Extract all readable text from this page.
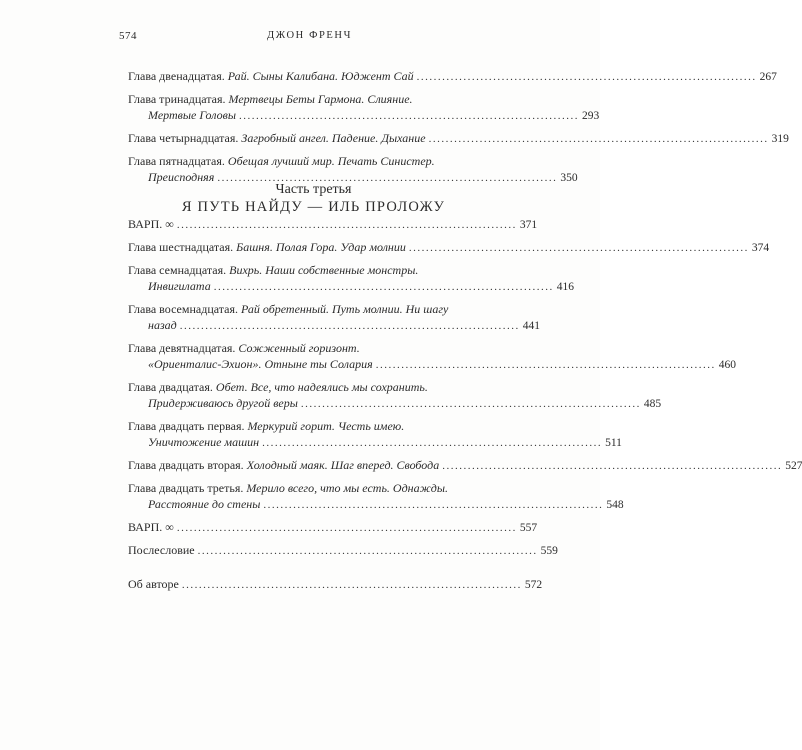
574	ДЖОН ФРЕНЧ
Глава двенадцатая. Рай. Сыны Калибана. Юджент Сай ................................................................................ 267
Глава тринадцатая. Мертвецы Беты Гармона. Слияние.
Мертвые Головы ................................................................................ 293
Глава четырнадцатая. Загробный ангел. Падение. Дыхание ................................................................................ 319
Глава пятнадцатая. Обещая лучший мир. Печать Синистер.
Преисподняя ................................................................................ 350
Часть третья
Я ПУТЬ НАЙДУ — ИЛЬ ПРОЛОЖУ
ВАРП. ∞ ................................................................................ 371
Глава шестнадцатая. Башня. Полая Гора. Удар молнии ................................................................................ 374
Глава семнадцатая. Вихрь. Наши собственные монстры.
Инвигилата ................................................................................ 416
Глава восемнадцатая. Рай обретенный. Путь молнии. Ни шагу
назад ................................................................................ 441
Глава девятнадцатая. Сожженный горизонт.
«Ориенталис-Эхион». Отныне ты Солария ................................................................................ 460
Глава двадцатая. Обет. Все, что надеялись мы сохранить.
Придерживаюсь другой веры ................................................................................ 485
Глава двадцать первая. Меркурий горит. Честь имею.
Уничтожение машин ................................................................................ 511
Глава двадцать вторая. Холодный маяк. Шаг вперед. Свобода ................................................................................ 527
Глава двадцать третья. Мерило всего, что мы есть. Однажды.
Расстояние до стены ................................................................................ 548
ВАРП. ∞ ................................................................................ 557
Послесловие ................................................................................ 559
Об авторе ................................................................................ 572
